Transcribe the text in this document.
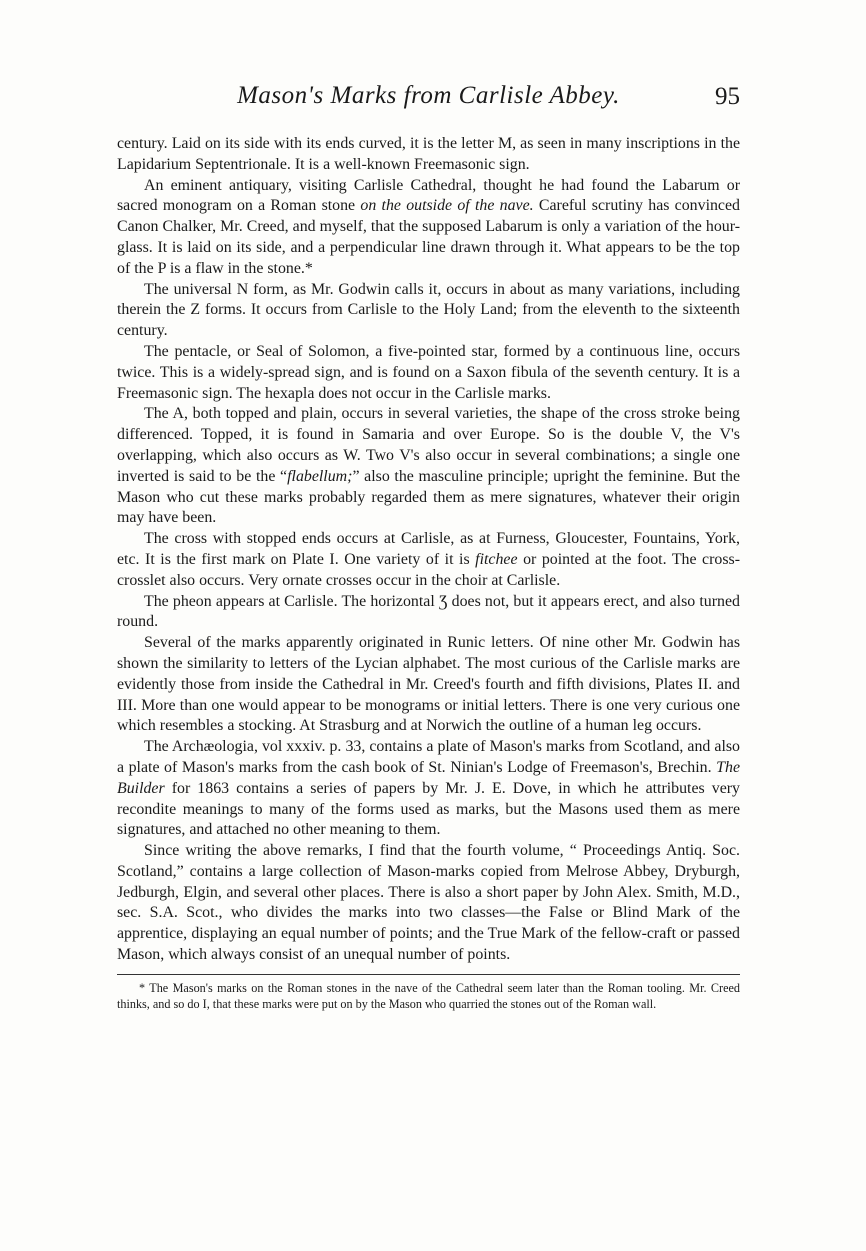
Mason's Marks from Carlisle Abbey.	95

century. Laid on its side with its ends curved, it is the letter M, as seen in many inscriptions in the Lapidarium Septentrionale. It is a well-known Freemasonic sign.

An eminent antiquary, visiting Carlisle Cathedral, thought he had found the Labarum or sacred monogram on a Roman stone on the outside of the nave. Careful scrutiny has convinced Canon Chalker, Mr. Creed, and myself, that the supposed Labarum is only a variation of the hour-glass. It is laid on its side, and a perpendicular line drawn through it. What appears to be the top of the P is a flaw in the stone.*

The universal N form, as Mr. Godwin calls it, occurs in about as many variations, including therein the Z forms. It occurs from Carlisle to the Holy Land; from the eleventh to the sixteenth century.

The pentacle, or Seal of Solomon, a five-pointed star, formed by a continuous line, occurs twice. This is a widely-spread sign, and is found on a Saxon fibula of the seventh century. It is a Freemasonic sign. The hexapla does not occur in the Carlisle marks.

The A, both topped and plain, occurs in several varieties, the shape of the cross stroke being differenced. Topped, it is found in Samaria and over Europe. So is the double V, the V's overlapping, which also occurs as W. Two V's also occur in several combinations; a single one inverted is said to be the “flabellum;” also the masculine principle; upright the feminine. But the Mason who cut these marks probably regarded them as mere signatures, whatever their origin may have been.

The cross with stopped ends occurs at Carlisle, as at Furness, Gloucester, Fountains, York, etc. It is the first mark on Plate I. One variety of it is fitchee or pointed at the foot. The cross-crosslet also occurs. Very ornate crosses occur in the choir at Carlisle.

The pheon appears at Carlisle. The horizontal Ʒ does not, but it appears erect, and also turned round.

Several of the marks apparently originated in Runic letters. Of nine other Mr. Godwin has shown the similarity to letters of the Lycian alphabet. The most curious of the Carlisle marks are evidently those from inside the Cathedral in Mr. Creed's fourth and fifth divisions, Plates II. and III. More than one would appear to be monograms or initial letters. There is one very curious one which resembles a stocking. At Strasburg and at Norwich the outline of a human leg occurs.

The Archæologia, vol xxxiv. p. 33, contains a plate of Mason's marks from Scotland, and also a plate of Mason's marks from the cash book of St. Ninian's Lodge of Freemason's, Brechin. The Builder for 1863 contains a series of papers by Mr. J. E. Dove, in which he attributes very recondite meanings to many of the forms used as marks, but the Masons used them as mere signatures, and attached no other meaning to them.

Since writing the above remarks, I find that the fourth volume, “ Proceedings Antiq. Soc. Scotland,” contains a large collection of Mason-marks copied from Melrose Abbey, Dryburgh, Jedburgh, Elgin, and several other places. There is also a short paper by John Alex. Smith, M.D., sec. S.A. Scot., who divides the marks into two classes—the False or Blind Mark of the apprentice, displaying an equal number of points; and the True Mark of the fellow-craft or passed Mason, which always consist of an unequal number of points.

* The Mason's marks on the Roman stones in the nave of the Cathedral seem later than the Roman tooling. Mr. Creed thinks, and so do I, that these marks were put on by the Mason who quarried the stones out of the Roman wall.
